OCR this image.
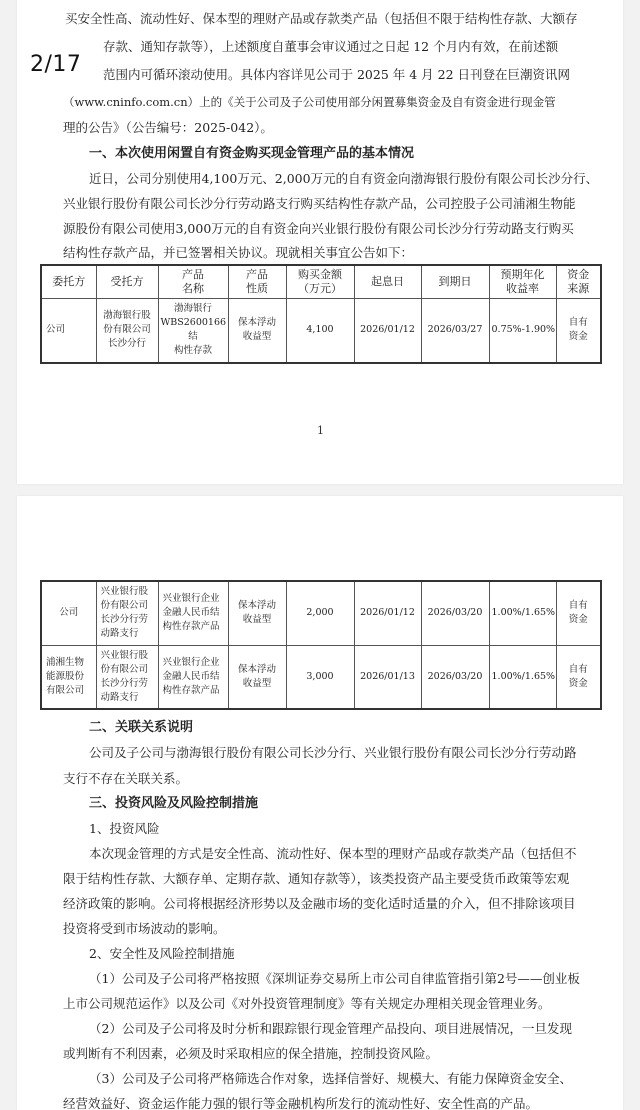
买安全性高、流动性好、保本型的理财产品或存款类产品（包括但不限于结构性存款、大额存

存款、通知存款等），上述额度自董事会审议通过之日起 12 个月内有效，在前述额

范围内可循环滚动使用。具体内容详见公司于 2025 年 4 月 22 日刊登在巨潮资讯网

（www.cninfo.com.cn）上的《关于公司及子公司使用部分闲置募集资金及自有资金进行现金管

理的公告》（公告编号：2025-042）。

一、本次使用闲置自有资金购买现金管理产品的基本情况

近日，公司分别使用4,100万元、2,000万元的自有资金向渤海银行股份有限公司长沙分行、

兴业银行股份有限公司长沙分行劳动路支行购买结构性存款产品，公司控股子公司浦湘生物能

源股份有限公司使用3,000万元的自有资金向兴业银行股份有限公司长沙分行劳动路支行购买

结构性存款产品，并已签署相关协议。现就相关事宜公告如下：

委托方	受托方	产品
名称	产品
性质	购买金额
（万元）	起息日	到期日	预期年化
收益率	资金
来源
公司	渤海银行股
份有限公司
长沙分行	渤海银行
WBS2600166结
构性存款	保本浮动
收益型	4,100	2026/01/12	2026/03/27	0.75%-1.90%	自有
资金
1
公司	兴业银行股
份有限公司
长沙分行劳
动路支行	兴业银行企业
金融人民币结
构性存款产品	保本浮动
收益型	2,000	2026/01/12	2026/03/20	1.00%/1.65%	自有
资金
浦湘生物
能源股份
有限公司	兴业银行股
份有限公司
长沙分行劳
动路支行	兴业银行企业
金融人民币结
构性存款产品	保本浮动
收益型	3,000	2026/01/13	2026/03/20	1.00%/1.65%	自有
资金

二、关联关系说明

公司及子公司与渤海银行股份有限公司长沙分行、兴业银行股份有限公司长沙分行劳动路

支行不存在关联关系。

三、投资风险及风险控制措施

1、投资风险

本次现金管理的方式是安全性高、流动性好、保本型的理财产品或存款类产品（包括但不

限于结构性存款、大额存单、定期存款、通知存款等），该类投资产品主要受货币政策等宏观

经济政策的影响。公司将根据经济形势以及金融市场的变化适时适量的介入，但不排除该项目

投资将受到市场波动的影响。

2、安全性及风险控制措施

（1）公司及子公司将严格按照《深圳证券交易所上市公司自律监管指引第2号——创业板

上市公司规范运作》以及公司《对外投资管理制度》等有关规定办理相关现金管理业务。

（2）公司及子公司将及时分析和跟踪银行现金管理产品投向、项目进展情况，一旦发现

或判断有不利因素，必须及时采取相应的保全措施，控制投资风险。

（3）公司及子公司将严格筛选合作对象，选择信誉好、规模大、有能力保障资金安全、

经营效益好、资金运作能力强的银行等金融机构所发行的流动性好、安全性高的产品。

2/17
